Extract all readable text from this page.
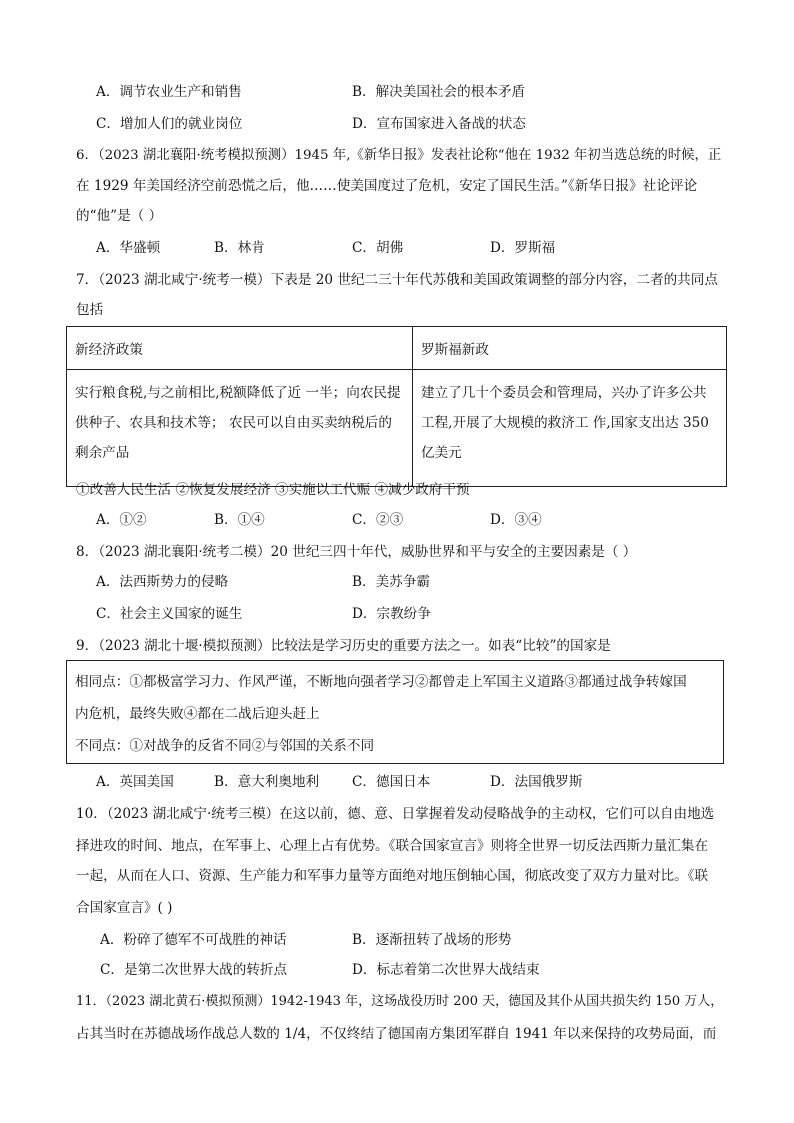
A．调节农业生产和销售	B．解决美国社会的根本矛盾
C．增加人们的就业岗位	D．宣布国家进入备战的状态
6．（2023 湖北襄阳·统考模拟预测）1945 年,《新华日报》发表社论称“他在 1932 年初当选总统的时候，正
在 1929 年美国经济空前恐慌之后，他……使美国度过了危机，安定了国民生活。”《新华日报》社论评论
的“他”是（ ）
A．华盛顿	B．林肯	C．胡佛	D．罗斯福
7．（2023 湖北咸宁·统考一模）下表是 20 世纪二三十年代苏俄和美国政策调整的部分内容，二者的共同点
包括
新经济政策	罗斯福新政
实行粮食税,与之前相比,税额降低了近 一半；向农民提供种子、农具和技术等； 农民可以自由买卖纳税后的剩余产品	建立了几十个委员会和管理局，兴办了许多公共工程,开展了大规模的救济工 作,国家支出达 350 亿美元
①改善人民生活 ②恢复发展经济 ③实施以工代赈 ④减少政府干预
A．①②	B．①④	C．②③	D．③④
8．（2023 湖北襄阳·统考二模）20 世纪三四十年代，威胁世界和平与安全的主要因素是（ ）
A．法西斯势力的侵略	B．美苏争霸
C．社会主义国家的诞生	D．宗教纷争
9．（2023 湖北十堰·模拟预测）比较法是学习历史的重要方法之一。如表“比较”的国家是
相同点：①都极富学习力、作风严谨，不断地向强者学习②都曾走上军国主义道路③都通过战争转嫁国
内危机，最终失败④都在二战后迎头赶上
不同点：①对战争的反省不同②与邻国的关系不同
A．英国美国	B．意大利奥地利 C．德国日本	D．法国俄罗斯
10．（2023 湖北咸宁·统考三模）在这以前，德、意、日掌握着发动侵略战争的主动权，它们可以自由地选
择进攻的时间、地点，在军事上、心理上占有优势。《联合国家宣言》则将全世界一切反法西斯力量汇集在
一起，从而在人口、资源、生产能力和军事力量等方面绝对地压倒轴心国，彻底改变了双方力量对比。《联
合国家宣言》( )
A．粉碎了德军不可战胜的神话	B．逐渐扭转了战场的形势
C．是第二次世界大战的转折点	D．标志着第二次世界大战结束
11．（2023 湖北黄石·模拟预测）1942-1943 年，这场战役历时 200 天，德国及其仆从国共损失约 150 万人，
占其当时在苏德战场作战总人数的 1/4，不仅终结了德国南方集团军群自 1941 年以来保持的攻势局面，而
